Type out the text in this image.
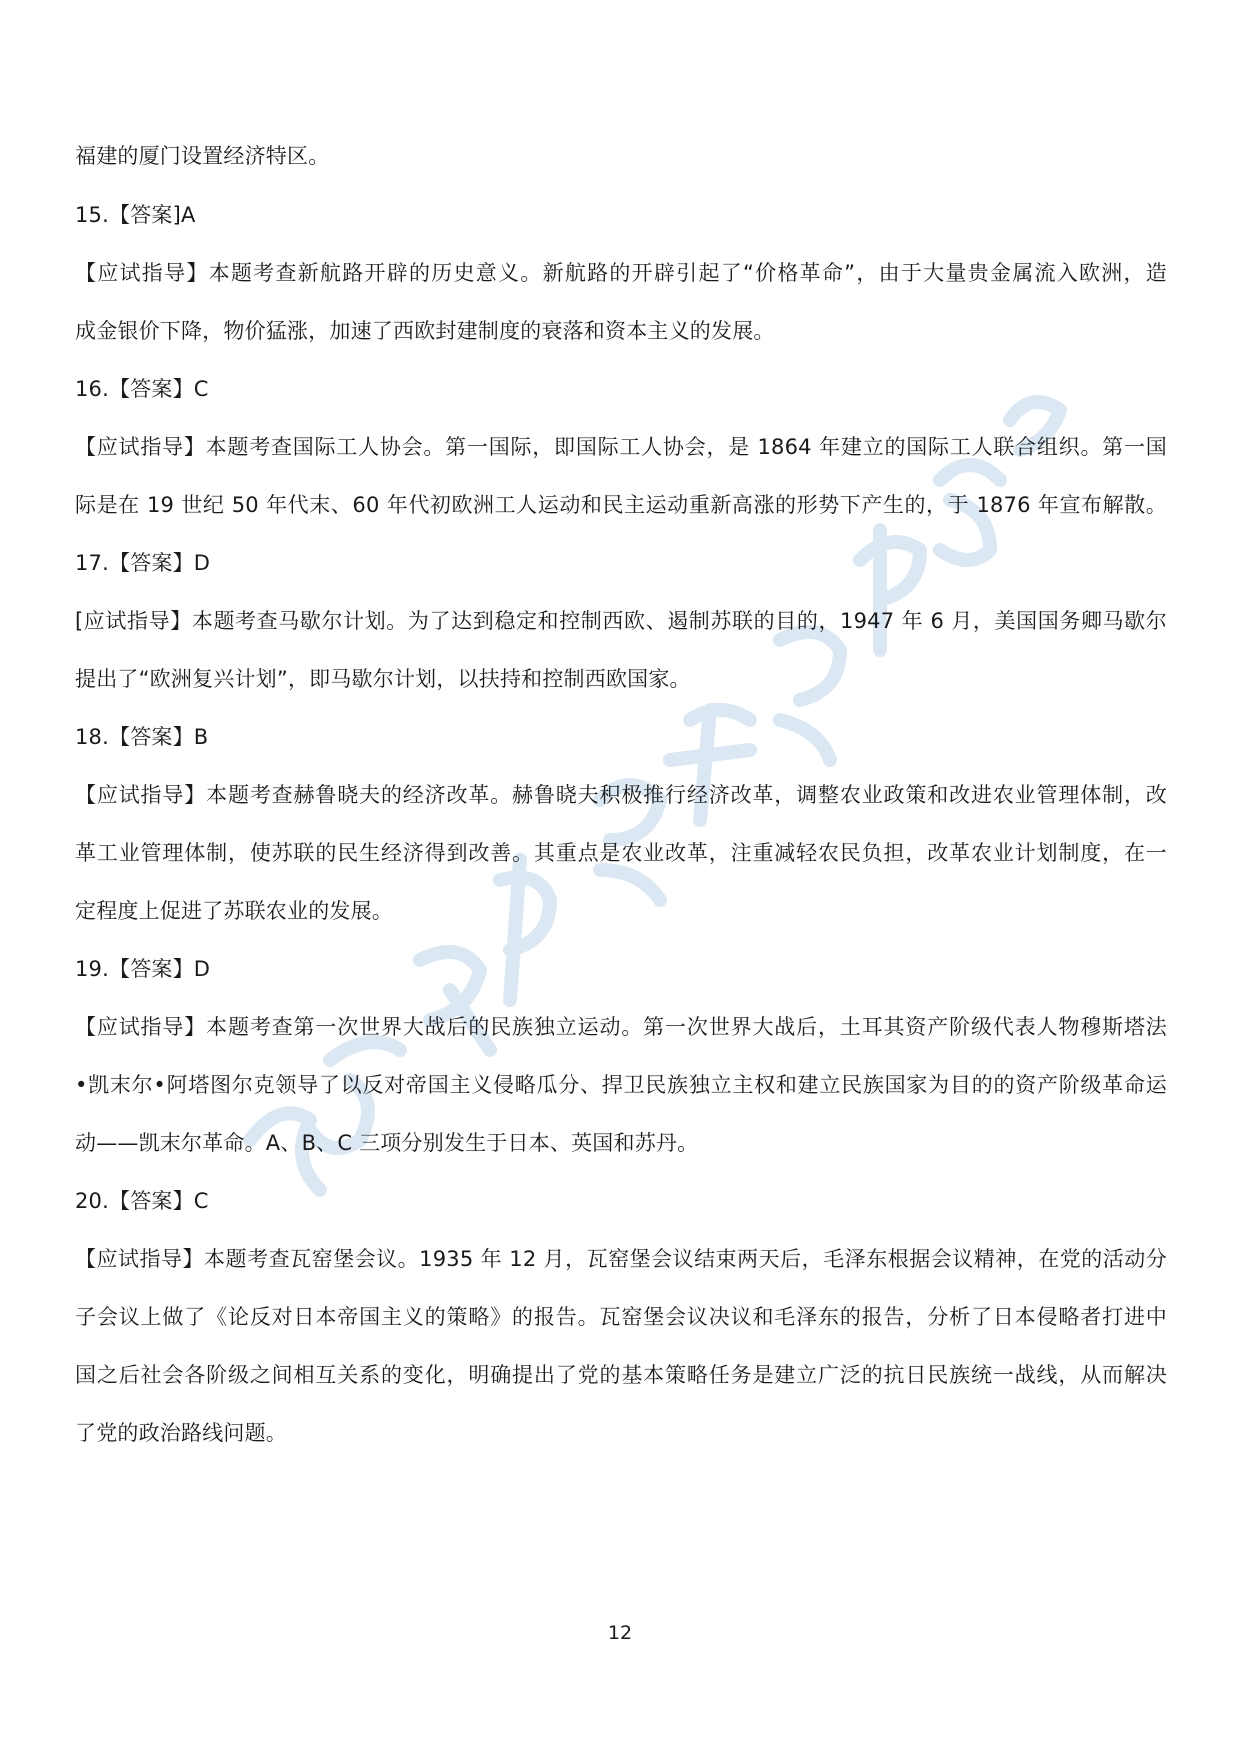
福建的厦门设置经济特区。
15.【答案]A
【应试指导】本题考查新航路开辟的历史意义。新航路的开辟引起了“价格革命”，由于大量贵金属流入欧洲，造
成金银价下降，物价猛涨，加速了西欧封建制度的衰落和资本主义的发展。
16.【答案】C
【应试指导】本题考查国际工人协会。第一国际，即国际工人协会，是 1864 年建立的国际工人联合组织。第一国
际是在 19 世纪 50 年代末、60 年代初欧洲工人运动和民主运动重新高涨的形势下产生的，于 1876 年宣布解散。
17.【答案】D
[应试指导】本题考查马歇尔计划。为了达到稳定和控制西欧、遏制苏联的目的，1947 年 6 月，美国国务卿马歇尔
提出了“欧洲复兴计划”，即马歇尔计划，以扶持和控制西欧国家。
18.【答案】B
【应试指导】本题考查赫鲁晓夫的经济改革。赫鲁晓夫积极推行经济改革，调整农业政策和改进农业管理体制，改
革工业管理体制，使苏联的民生经济得到改善。其重点是农业改革，注重减轻农民负担，改革农业计划制度，在一
定程度上促进了苏联农业的发展。
19.【答案】D
【应试指导】本题考查第一次世界大战后的民族独立运动。第一次世界大战后，土耳其资产阶级代表人物穆斯塔法
•凯末尔•阿塔图尔克领导了以反对帝国主义侵略瓜分、捍卫民族独立主权和建立民族国家为目的的资产阶级革命运
动——凯末尔革命。A、B、C 三项分别发生于日本、英国和苏丹。
20.【答案】C
【应试指导】本题考查瓦窑堡会议。1935 年 12 月，瓦窑堡会议结束两天后，毛泽东根据会议精神，在党的活动分
子会议上做了《论反对日本帝国主义的策略》的报告。瓦窑堡会议决议和毛泽东的报告，分析了日本侵略者打进中
国之后社会各阶级之间相互关系的变化，明确提出了党的基本策略任务是建立广泛的抗日民族统一战线，从而解决
了党的政治路线问题。
12
